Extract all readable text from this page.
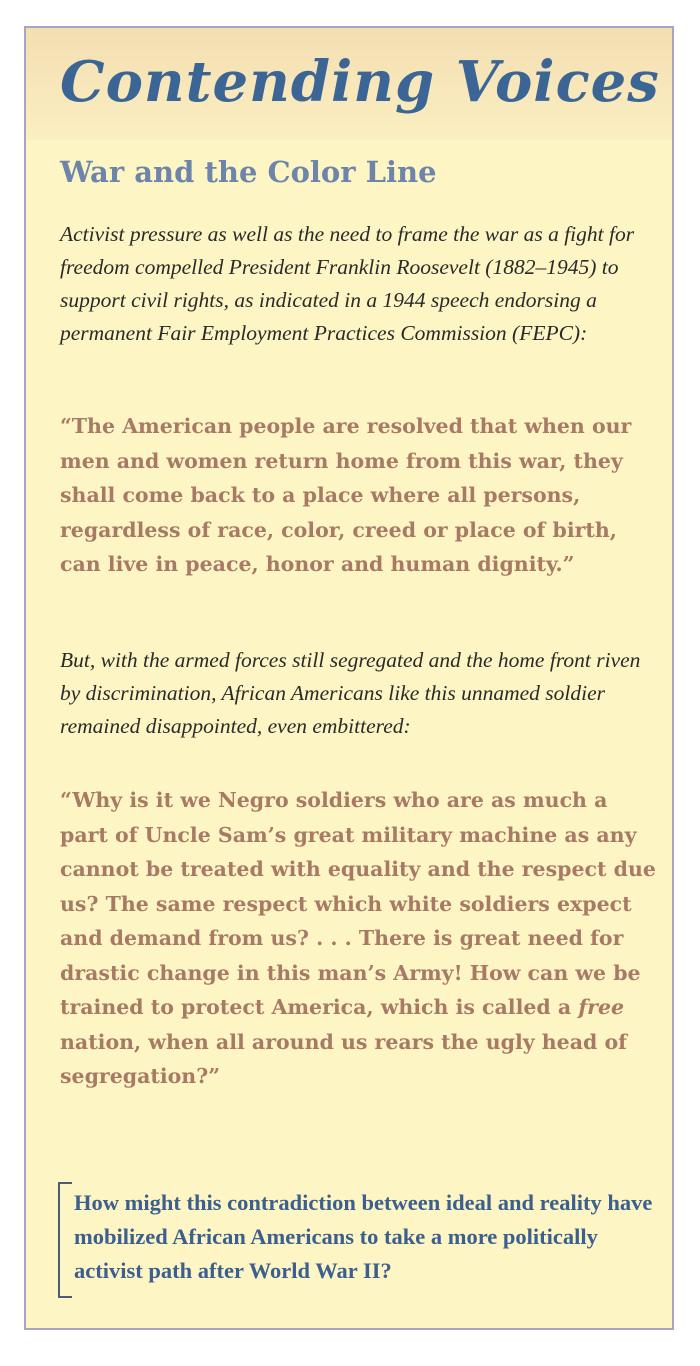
Contending Voices
War and the Color Line

Activist pressure as well as the need to frame the war as a fight for freedom compelled President Franklin Roosevelt (1882–1945) to support civil rights, as indicated in a 1944 speech endorsing a permanent Fair Employment Practices Commission (FEPC):

“The American people are resolved that when our men and women return home from this war, they shall come back to a place where all persons, regardless of race, color, creed or place of birth, can live in peace, honor and human dignity.”

But, with the armed forces still segregated and the home front riven by discrimination, African Americans like this unnamed soldier remained disappointed, even embittered:

“Why is it we Negro soldiers who are as much a part of Uncle Sam’s great military machine as any cannot be treated with equality and the respect due us? The same respect which white soldiers expect and demand from us? . . . There is great need for drastic change in this man’s Army! How can we be trained to protect America, which is called a free nation, when all around us rears the ugly head of segregation?”

How might this contradiction between ideal and reality have mobilized African Americans to take a more politically activist path after World War II?
